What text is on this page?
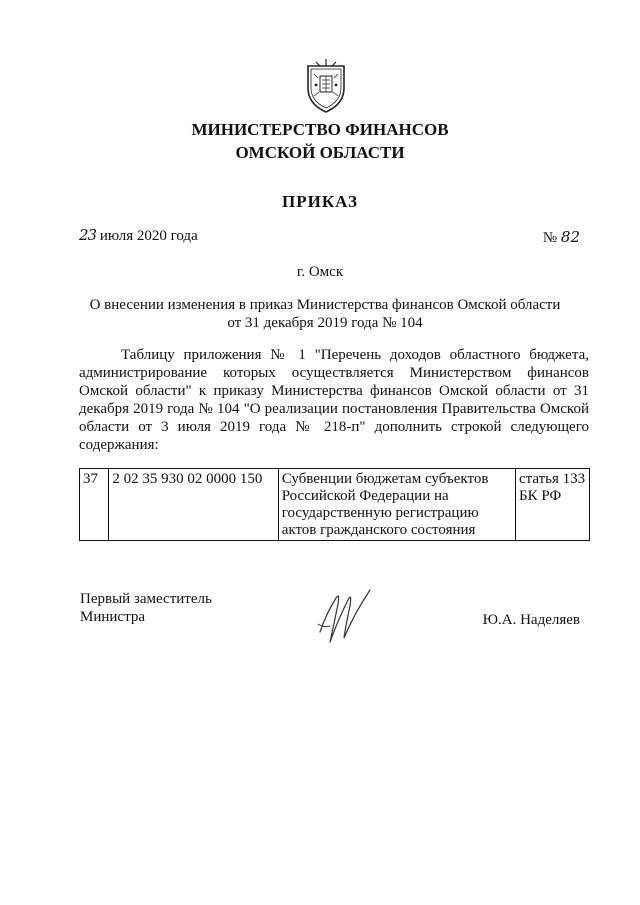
МИНИСТЕРСТВО ФИНАНСОВ
ОМСКОЙ ОБЛАСТИ
ПРИКАЗ
23 июля 2020 года	№ 82
г. Омск
О внесении изменения в приказ Министерства финансов Омской области
от 31 декабря 2019 года № 104
Таблицу приложения № 1 "Перечень доходов областного бюджета, администрирование которых осуществляется Министерством финансов Омской области" к приказу Министерства финансов Омской области от 31 декабря 2019 года № 104 "О реализации постановления Правительства Омской области от 3 июля 2019 года № 218-п" дополнить строкой следующего содержания:
37	2 02 35 930 02 0000 150	Субвенции бюджетам субъектов Российской Федерации на государственную регистрацию актов гражданского состояния	статья 133 БК РФ
Первый заместитель
Министра	Ю.А. Наделяев
